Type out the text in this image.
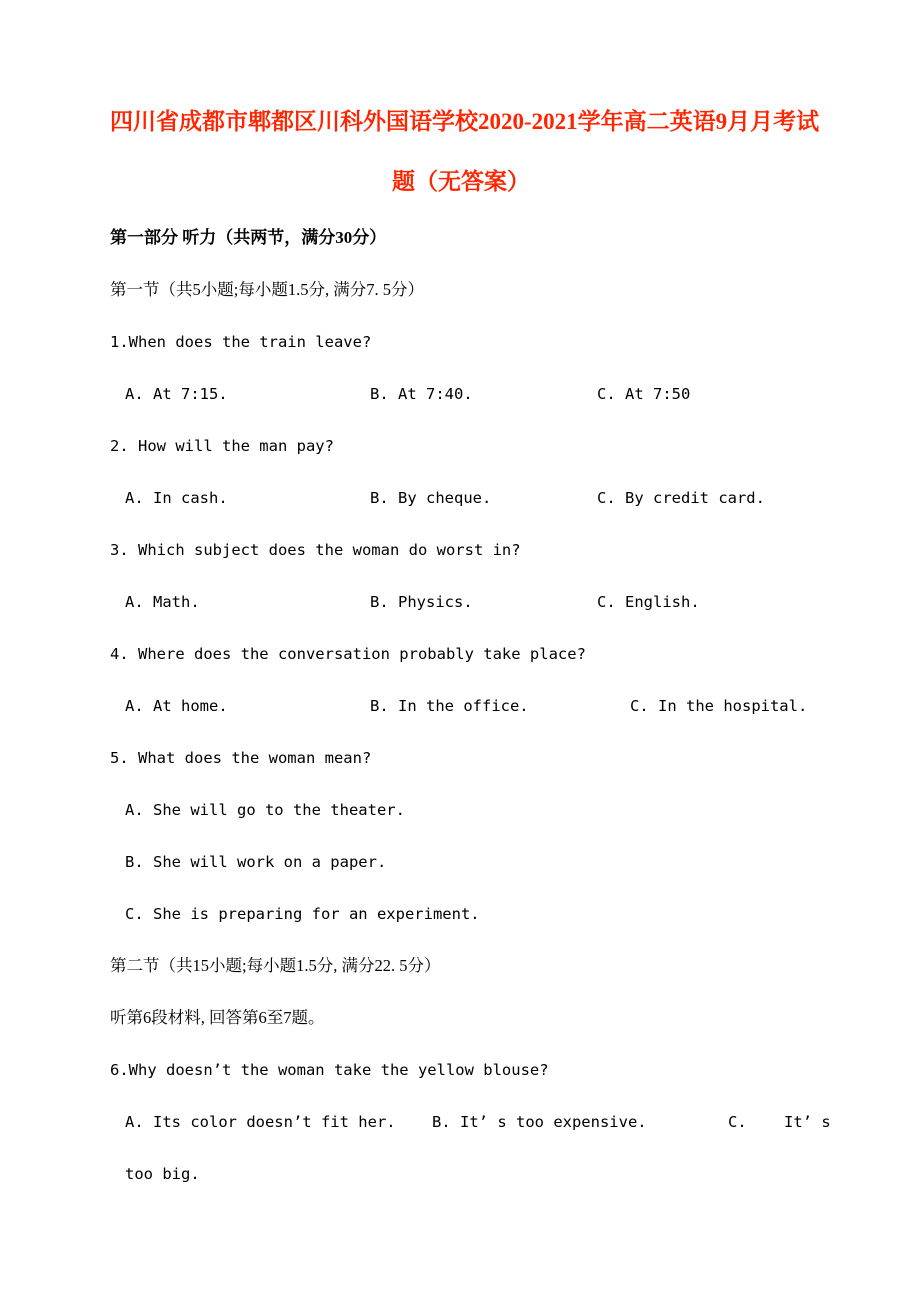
四川省成都市郫都区川科外国语学校2020-2021学年高二英语9月月考试
题（无答案）

第一部分 听力（共两节，满分30分）

第一节（共5小题;每小题1.5分, 满分7. 5分）

1.When does the train leave?

A. At 7:15.	B. At 7:40.	C. At 7:50

2. How will the man pay?

A. In cash.	B. By cheque.	C. By credit card.

3. Which subject does the woman do worst in?

A. Math.	B. Physics.	C. English.

4. Where does the conversation probably take place?

A. At home.	B. In the office.	C. In the hospital.

5. What does the woman mean?

A. She will go to the theater.

B. She will work on a paper.

C. She is preparing for an experiment.

第二节（共15小题;每小题1.5分, 满分22. 5分）

听第6段材料, 回答第6至7题。

6.Why doesn’t the woman take the yellow blouse?

A. Its color doesn’t fit her.	B. It’ s too expensive.	C.    It’ s

too big.
